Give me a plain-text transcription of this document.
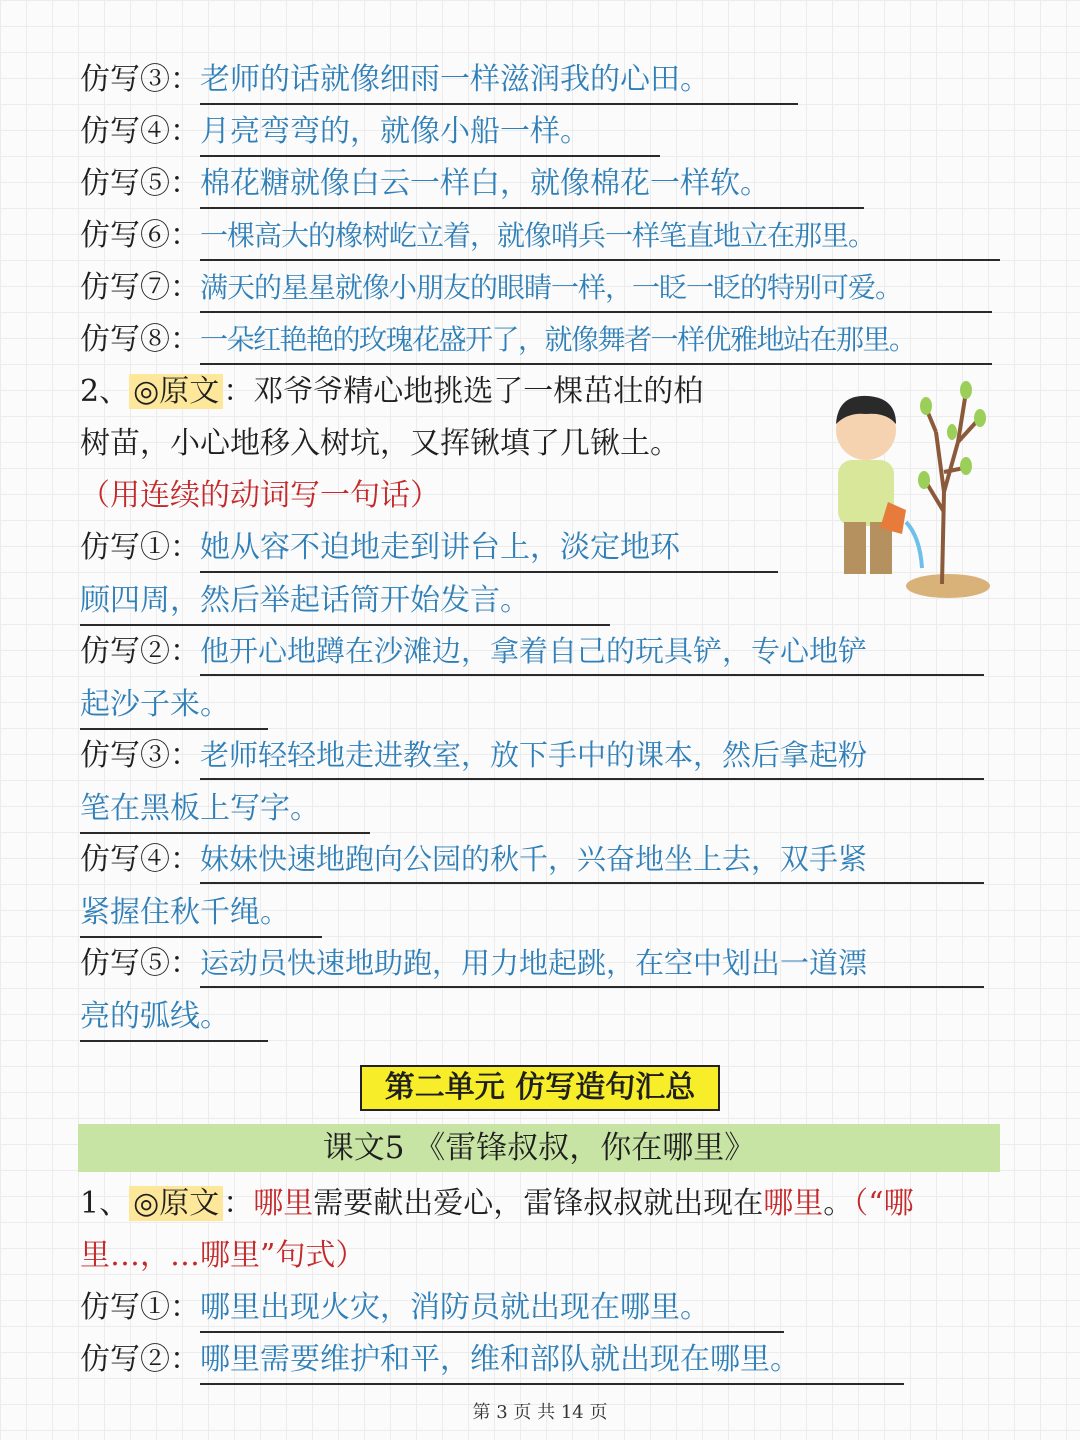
仿写③：老师的话就像细雨一样滋润我的心田。
仿写④：月亮弯弯的，就像小船一样。
仿写⑤：棉花糖就像白云一样白，就像棉花一样软。
仿写⑥：一棵高大的橡树屹立着，就像哨兵一样笔直地立在那里。
仿写⑦：满天的星星就像小朋友的眼睛一样，一眨一眨的特别可爱。
仿写⑧：一朵红艳艳的玫瑰花盛开了，就像舞者一样优雅地站在那里。
2、 ◎原文 ：邓爷爷精心地挑选了一棵茁壮的柏
树苗，小心地移入树坑，又挥锹填了几锹土。
（用连续的动词写一句话）
仿写①：她从容不迫地走到讲台上，淡定地环
顾四周，然后举起话筒开始发言。
仿写②：他开心地蹲在沙滩边，拿着自己的玩具铲，专心地铲
起沙子来。
仿写③：老师轻轻地走进教室，放下手中的课本，然后拿起粉
笔在黑板上写字。
仿写④：妹妹快速地跑向公园的秋千，兴奋地坐上去，双手紧
紧握住秋千绳。
仿写⑤：运动员快速地助跑，用力地起跳，在空中划出一道漂
亮的弧线。
第二单元 仿写造句汇总
课文5 《雷锋叔叔，你在哪里》
1、 ◎原文 ：哪里需要献出爱心，雷锋叔叔就出现在哪里。（“哪
里…，…哪里”句式）
仿写①：哪里出现火灾，消防员就出现在哪里。
仿写②：哪里需要维护和平，维和部队就出现在哪里。
第 3 页 共 14 页
